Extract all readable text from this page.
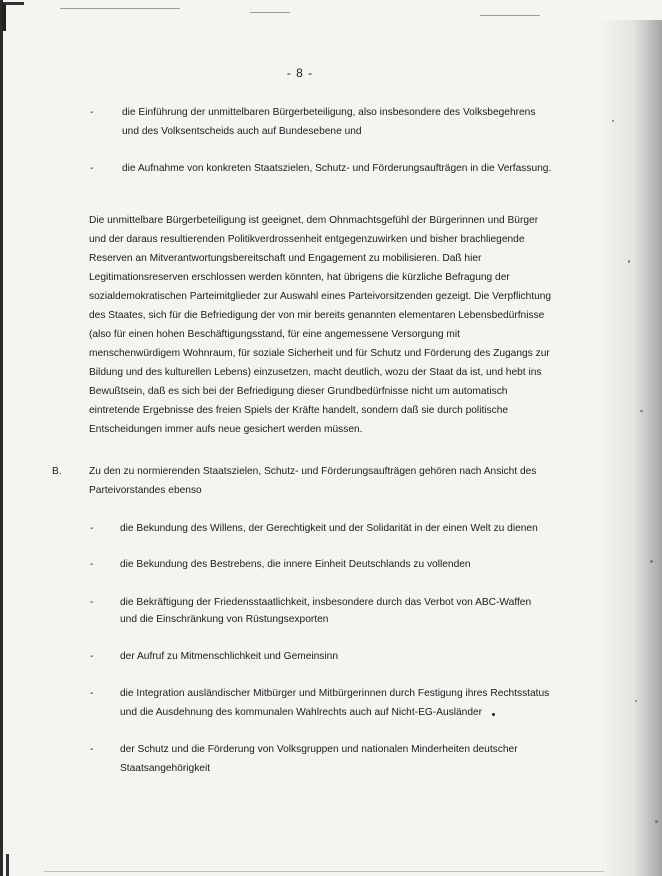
- 8 -
-	die Einführung der unmittelbaren Bürgerbeteiligung, also insbesondere des Volksbegehrens
und des Volksentscheids auch auf Bundesebene und
-	die Aufnahme von konkreten Staatszielen, Schutz- und Förderungsaufträgen in die Verfassung.
Die unmittelbare Bürgerbeteiligung ist geeignet, dem Ohnmachtsgefühl der Bürgerinnen und Bürger
und der daraus resultierenden Politikverdrossenheit entgegenzuwirken und bisher brachliegende
Reserven an Mitverantwortungsbereitschaft und Engagement zu mobilisieren. Daß hier
Legitimationsreserven erschlossen werden könnten, hat übrigens die kürzliche Befragung der
sozialdemokratischen Parteimitglieder zur Auswahl eines Parteivorsitzenden gezeigt. Die Verpflichtung
des Staates, sich für die Befriedigung der von mir bereits genannten elementaren Lebensbedürfnisse
(also für einen hohen Beschäftigungsstand, für eine angemessene Versorgung mit
menschenwürdigem Wohnraum, für soziale Sicherheit und für Schutz und Förderung des Zugangs zur
Bildung und des kulturellen Lebens) einzusetzen, macht deutlich, wozu der Staat da ist, und hebt ins
Bewußtsein, daß es sich bei der Befriedigung dieser Grundbedürfnisse nicht um automatisch
eintretende Ergebnisse des freien Spiels der Kräfte handelt, sondern daß sie durch politische
Entscheidungen immer aufs neue gesichert werden müssen.
B.	Zu den zu normierenden Staatszielen, Schutz- und Förderungsaufträgen gehören nach Ansicht des
Parteivorstandes ebenso
-	die Bekundung des Willens, der Gerechtigkeit und der Solidarität in der einen Welt zu dienen
-	die Bekundung des Bestrebens, die innere Einheit Deutschlands zu vollenden
-	die Bekräftigung der Friedensstaatlichkeit, insbesondere durch das Verbot von ABC-Waffen
und die Einschränkung von Rüstungsexporten
-	der Aufruf zu Mitmenschlichkeit und Gemeinsinn
-	die Integration ausländischer Mitbürger und Mitbürgerinnen durch Festigung ihres Rechtsstatus
und die Ausdehnung des kommunalen Wahlrechts auch auf Nicht-EG-Ausländer
-	der Schutz und die Förderung von Volksgruppen und nationalen Minderheiten deutscher
Staatsangehörigkeit
